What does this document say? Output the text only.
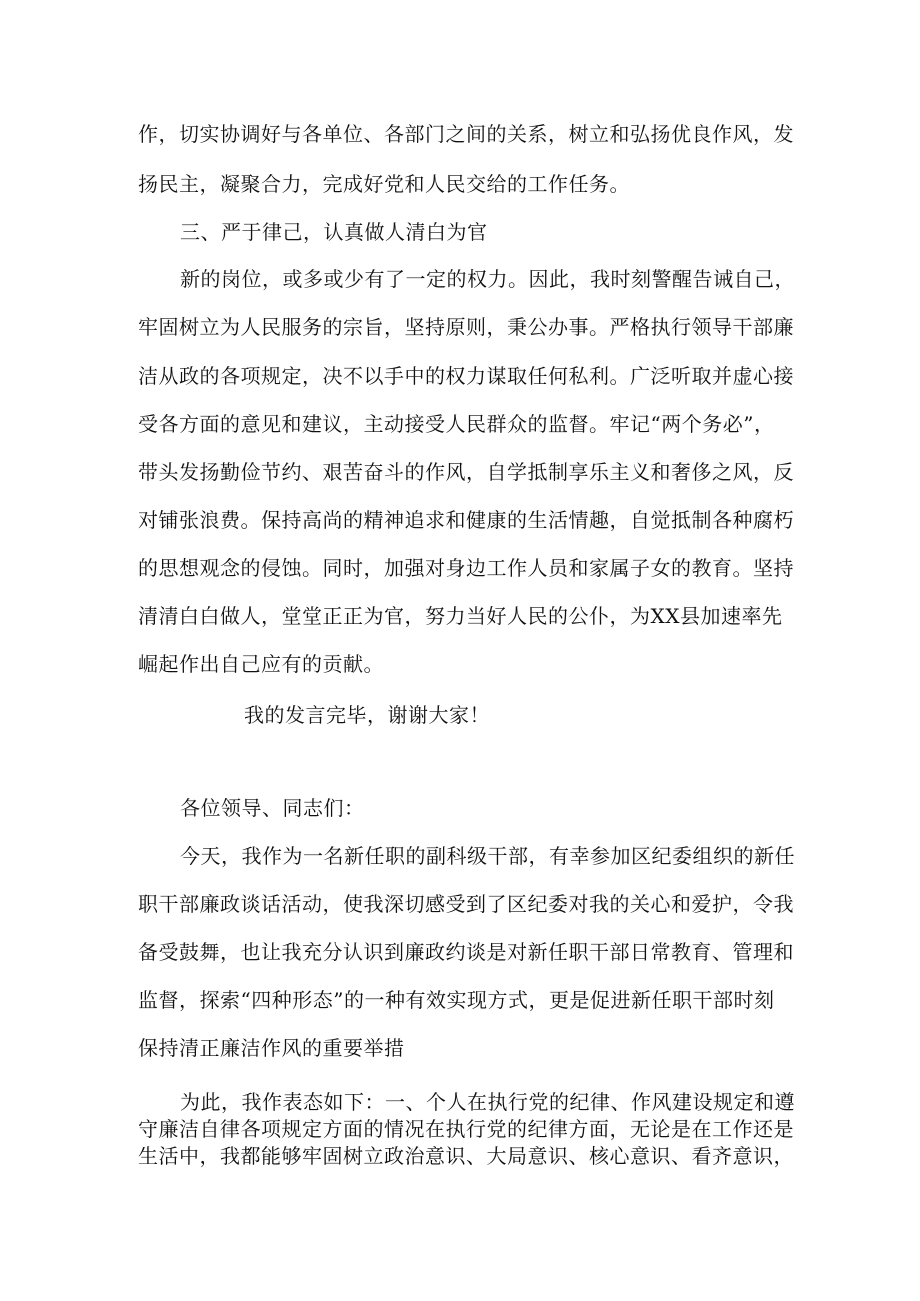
作，切实协调好与各单位、各部门之间的关系，树立和弘扬优良作风，发
扬民主，凝聚合力，完成好党和人民交给的工作任务。
三、严于律己，认真做人清白为官
新的岗位，或多或少有了一定的权力。因此，我时刻警醒告诫自己，
牢固树立为人民服务的宗旨，坚持原则，秉公办事。严格执行领导干部廉
洁从政的各项规定，决不以手中的权力谋取任何私利。广泛听取并虚心接
受各方面的意见和建议，主动接受人民群众的监督。牢记“两个务必”，
带头发扬勤俭节约、艰苦奋斗的作风，自学抵制享乐主义和奢侈之风，反
对铺张浪费。保持高尚的精神追求和健康的生活情趣，自觉抵制各种腐朽
的思想观念的侵蚀。同时，加强对身边工作人员和家属子女的教育。坚持
清清白白做人，堂堂正正为官，努力当好人民的公仆，为XX县加速率先
崛起作出自己应有的贡献。
我的发言完毕，谢谢大家！
各位领导、同志们：
今天，我作为一名新任职的副科级干部，有幸参加区纪委组织的新任
职干部廉政谈话活动，使我深切感受到了区纪委对我的关心和爱护，令我
备受鼓舞，也让我充分认识到廉政约谈是对新任职干部日常教育、管理和
监督，探索“四种形态”的一种有效实现方式，更是促进新任职干部时刻
保持清正廉洁作风的重要举措
为此，我作表态如下：一、个人在执行党的纪律、作风建设规定和遵
守廉洁自律各项规定方面的情况在执行党的纪律方面，无论是在工作还是
生活中，我都能够牢固树立政治意识、大局意识、核心意识、看齐意识，
